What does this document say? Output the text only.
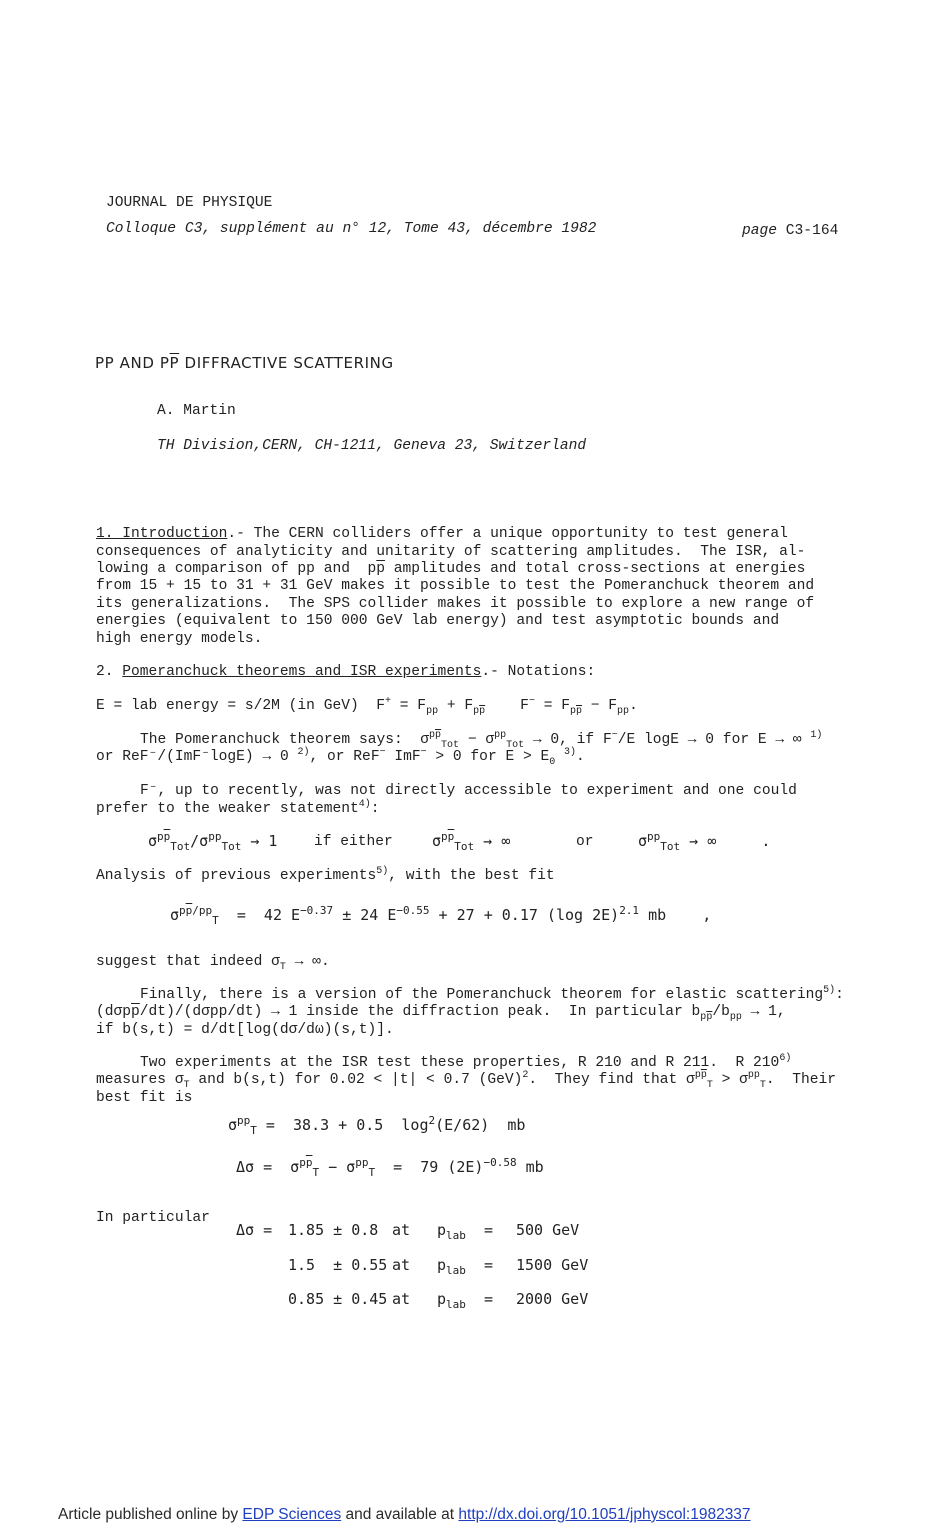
JOURNAL DE PHYSIQUE
Colloque C3, supplément au n° 12, Tome 43, décembre 1982	page C3-164
PP AND $P\overline{P}$ DIFFRACTIVE SCATTERING
A. Martin
TH Division,CERN, CH-1211, Geneva 23, Switzerland
1. Introduction.- The CERN colliders offer a unique opportunity to test general
consequences of analyticity and unitarity of scattering amplitudes.  The ISR, al-
lowing a comparison of pp and  $p\overline{p}$ amplitudes and total cross-sections at energies
from 15 + 15 to 31 + 31 GeV makes it possible to test the Pomeranchuck theorem and
its generalizations.  The SPS collider makes it possible to explore a new range of
energies (equivalent to 150 000 GeV lab energy) and test asymptotic bounds and
high energy models.
2. Pomeranchuck theorems and ISR experiments.- Notations:
E = lab energy = s/2M (in GeV)  $F^+ = F_{pp} + F_{p\overline{p}}$    $F^- = F_{p\overline{p}} - F_{pp}$.
The Pomeranchuck theorem says:  $\sigma^{p\overline{p}}_{Tot} - \sigma^{pp}_{Tot} \to 0$, if F−/E logE → 0 for E → ∞ $^{1)}$
or ReF⁻/(ImF⁻logE) → 0 $^{2)}$, or ReF− ImF− > 0 for $E > E_0$ $^{3)}$.
F⁻, up to recently, was not directly accessible to experiment and one could
prefer to the weaker statement$^{4)}$:
$\sigma^{p\overline{p}}_{Tot}/\sigma^{pp}_{Tot} \to 1$	if either	$\sigma^{p\overline{p}}_{Tot}$ → ∞	or	$\sigma^{pp}_{Tot}$ → ∞     .
Analysis of previous experiments$^{5)}$, with the best fit
$\sigma^{p\overline{p}/pp}_T = 42$ $E^{-0.37} \pm 24$ $E^{-0.55} + 27 + 0.17$ (log 2E)$^{2.1}$ mb    ,
suggest that indeed $\sigma_T$ → ∞.
Finally, there is a version of the Pomeranchuck theorem for elastic scattering$^{5)}$:
$(d\sigma p\overline{p}/dt)/(d\sigma pp/dt) \to 1$ inside the diffraction peak.  In particular $b_{p\overline{p}}/b_{pp} \to 1$,
if b(s,t) = d/dt[log(dσ/dω)(s,t)].
Two experiments at the ISR test these properties, R 210 and R 211.  R 210$^{6)}$
measures $\sigma_T$ and b(s,t) for 0.02 < |t| < 0.7 (GeV)$^2$.  They find that $\sigma^{p\overline{p}}_T > \sigma^{pp}_T$.  Their
best fit is
$\sigma^{pp}_T = 38.3 + 0.5$  $\log^2(E/62)$  mb
$\Delta\sigma = \sigma^{p\overline{p}}_T - \sigma^{pp}_T = 79$ $(2E)^{-0.58}$ mb
In particular
Δσ = 1.85 ± 0.8 at $p_{lab} = 500$ GeV
1.5  ± 0.55 at $p_{lab} = 1500$ GeV
0.85 ± 0.45 at $p_{lab} = 2000$ GeV
Article published online by EDP Sciences and available at http://dx.doi.org/10.1051/jphyscol:1982337
